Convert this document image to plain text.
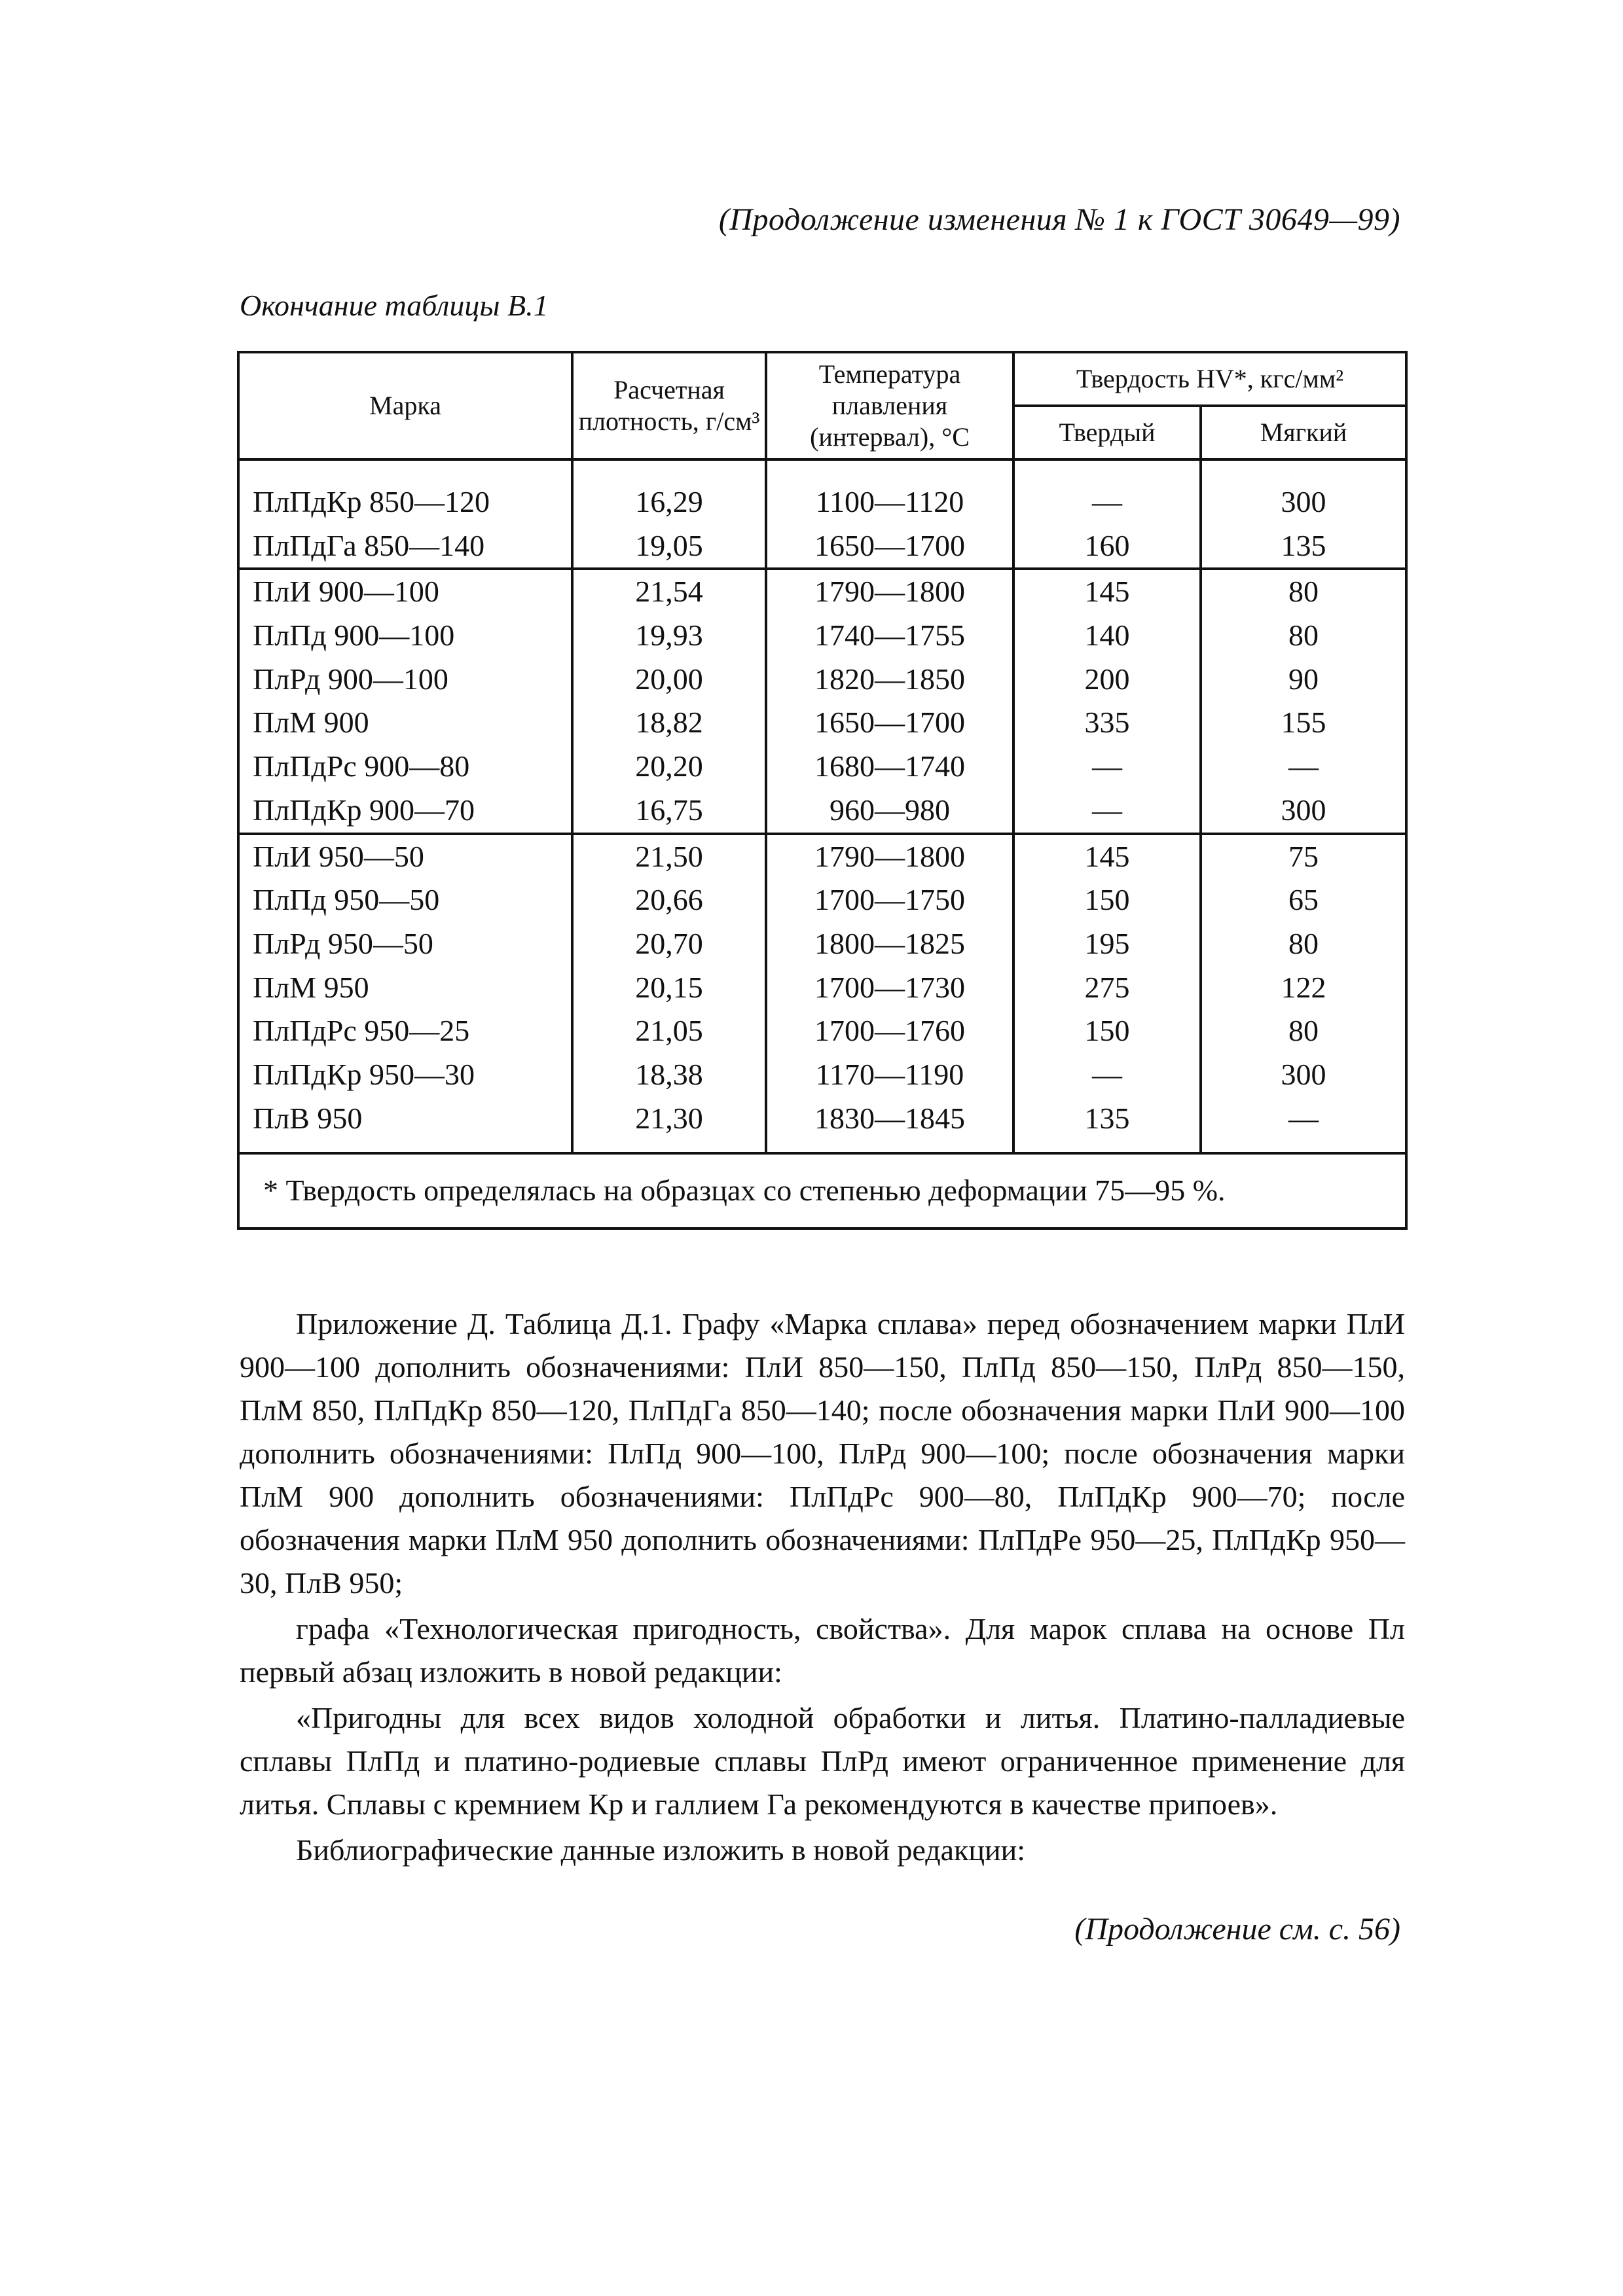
(Продолжение изменения № 1 к ГОСТ 30649—99)
Окончание таблицы В.1
Марка	Расчетная плотность, г/см³	Температура плавления (интервал), °С	Твердость HV*, кгс/мм²	
			Твердый	Мягкий
ПлПдКр 850—120	16,29	1100—1120	—	300
ПлПдГа 850—140	19,05	1650—1700	160	135
ПлИ 900—100	21,54	1790—1800	145	80
ПлПд 900—100	19,93	1740—1755	140	80
ПлРд 900—100	20,00	1820—1850	200	90
ПлМ 900	18,82	1650—1700	335	155
ПлПдРс 900—80	20,20	1680—1740	—	—
ПлПдКр 900—70	16,75	960—980	—	300
ПлИ 950—50	21,50	1790—1800	145	75
ПлПд 950—50	20,66	1700—1750	150	65
ПлРд 950—50	20,70	1800—1825	195	80
ПлМ 950	20,15	1700—1730	275	122
ПлПдРс 950—25	21,05	1700—1760	150	80
ПлПдКр 950—30	18,38	1170—1190	—	300
ПлВ 950	21,30	1830—1845	135	—
* Твердость определялась на образцах со степенью деформации 75—95 %.				

Приложение Д. Таблица Д.1. Графу «Марка сплава» перед обозначением марки ПлИ 900—100 дополнить обозначениями: ПлИ 850—150, ПлПд 850—150, ПлРд 850—150, ПлМ 850, ПлПдКр 850—120, ПлПдГа 850—140; после обозначения марки ПлИ 900—100 дополнить обозначениями: ПлПд 900—100, ПлРд 900—100; после обозначения марки ПлМ 900 дополнить обозначениями: ПлПдРс 900—80, ПлПдКр 900—70; после обозначения марки ПлМ 950 дополнить обозначениями: ПлПдРе 950—25, ПлПдКр 950—30, ПлВ 950;

графа «Технологическая пригодность, свойства». Для марок сплава на основе Пл первый абзац изложить в новой редакции:

«Пригодны для всех видов холодной обработки и литья. Платино-палладиевые сплавы ПлПд и платино-родиевые сплавы ПлРд имеют ограниченное применение для литья. Сплавы с кремнием Кр и галлием Га рекомендуются в качестве припоев».

Библиографические данные изложить в новой редакции:

(Продолжение см. с. 56)
